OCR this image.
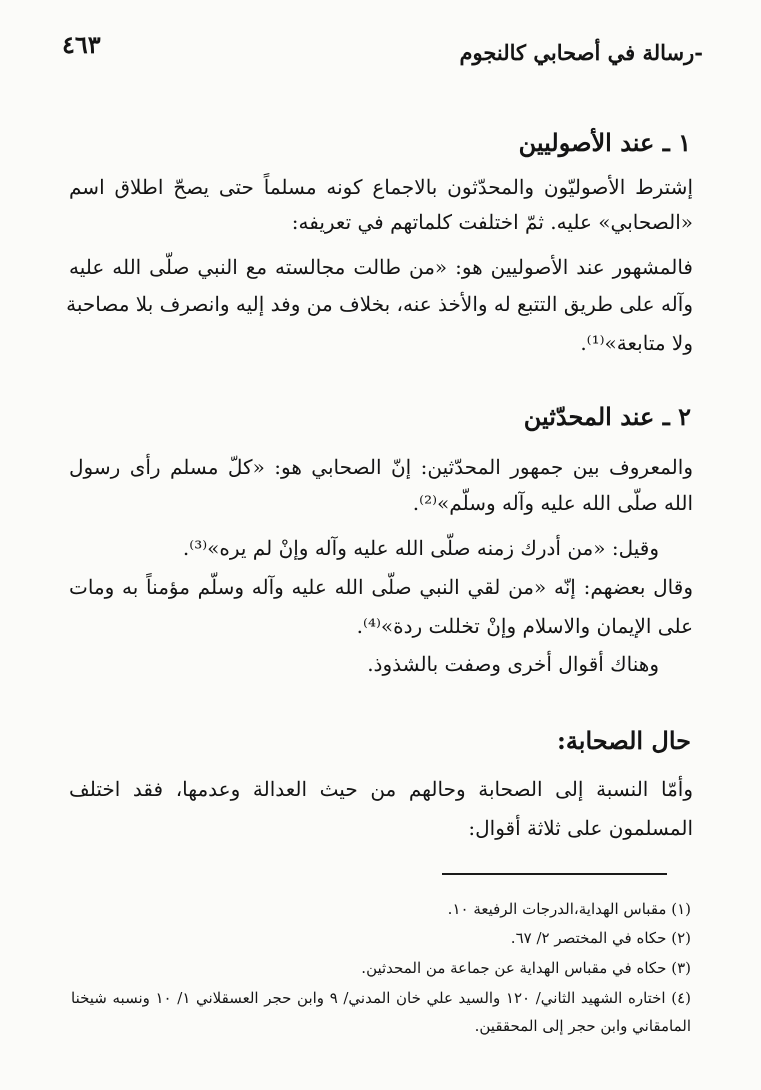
-رسالة في أصحابي كالنجوم
٤٦٣
١ ـ عند الأصوليين
إشترط الأصوليّون والمحدّثون بالاجماع كونه مسلماً حتى يصحّ اطلاق اسم
«الصحابي» عليه. ثمّ اختلفت كلماتهم في تعريفه:
فالمشهور عند الأصوليين هو: «من طالت مجالسته مع النبي صلّى الله عليه
وآله على طريق التتبع له والأخذ عنه، بخلاف من وفد إليه وانصرف بلا مصاحبة
ولا متابعة»⁽¹⁾.
٢ ـ عند المحدّثين
والمعروف بين جمهور المحدّثين: إنّ الصحابي هو: «كلّ مسلم رأى رسول
الله صلّى الله عليه وآله وسلّم»⁽²⁾.
وقيل: «من أدرك زمنه صلّى الله عليه وآله وإنْ لم يره»⁽³⁾.
وقال بعضهم: إنّه «من لقي النبي صلّى الله عليه وآله وسلّم مؤمناً به ومات
على الإيمان والاسلام وإنْ تخللت ردة»⁽⁴⁾.
وهناك أقوال أخرى وصفت بالشذوذ.
حال الصحابة:
وأمّا النسبة إلى الصحابة وحالهم من حيث العدالة وعدمها، فقد اختلف
المسلمون على ثلاثة أقوال:
(١) مقباس الهداية،الدرجات الرفيعة ١٠.
(٢) حكاه في المختصر ٢/ ٦٧.
(٣) حكاه في مقباس الهداية عن جماعة من المحدثين.
(٤) اختاره الشهيد الثاني/ ١٢٠ والسيد علي خان المدني/ ٩ وابن حجر العسقلاني ١/ ١٠ ونسبه شيخنا
المامقاني وابن حجر إلى المحققين.
